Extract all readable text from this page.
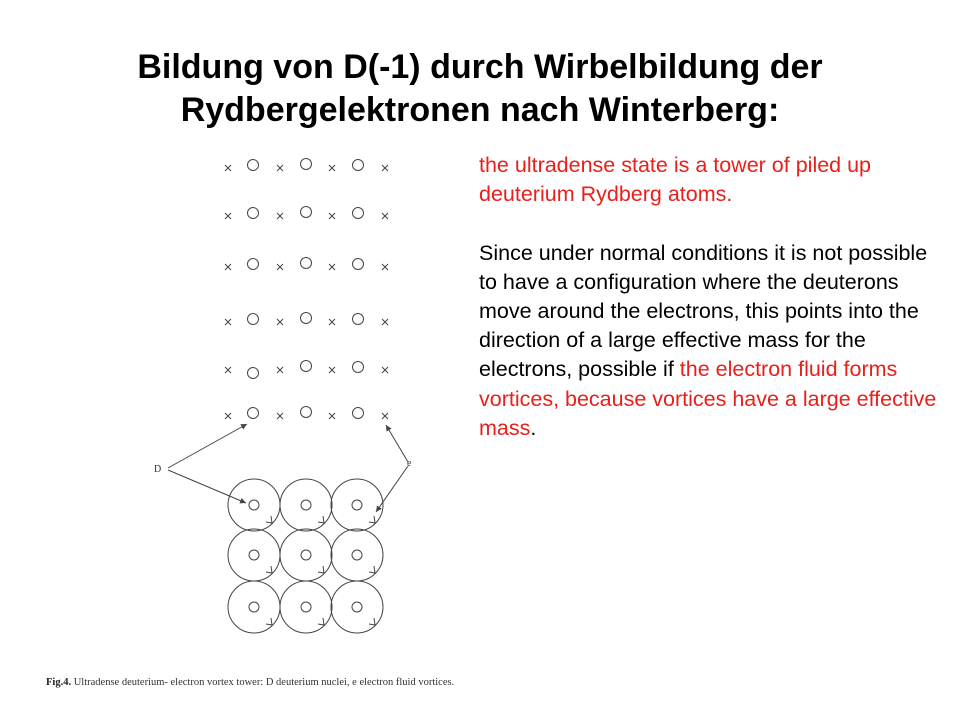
Bildung von D(-1) durch Wirbelbildung der
Rydbergelektronen nach Winterberg:
D
e

the ultradense state is a tower of piled up deuterium Rydberg atoms.

Since under normal conditions it is not possible to have a configuration where the deuterons move around the electrons, this points into the direction of a large effective mass for the electrons, possible if the electron fluid forms vortices, because vortices have a large effective mass.

Fig.4. Ultradense deuterium- electron vortex tower: D deuterium nuclei, e electron fluid vortices.
